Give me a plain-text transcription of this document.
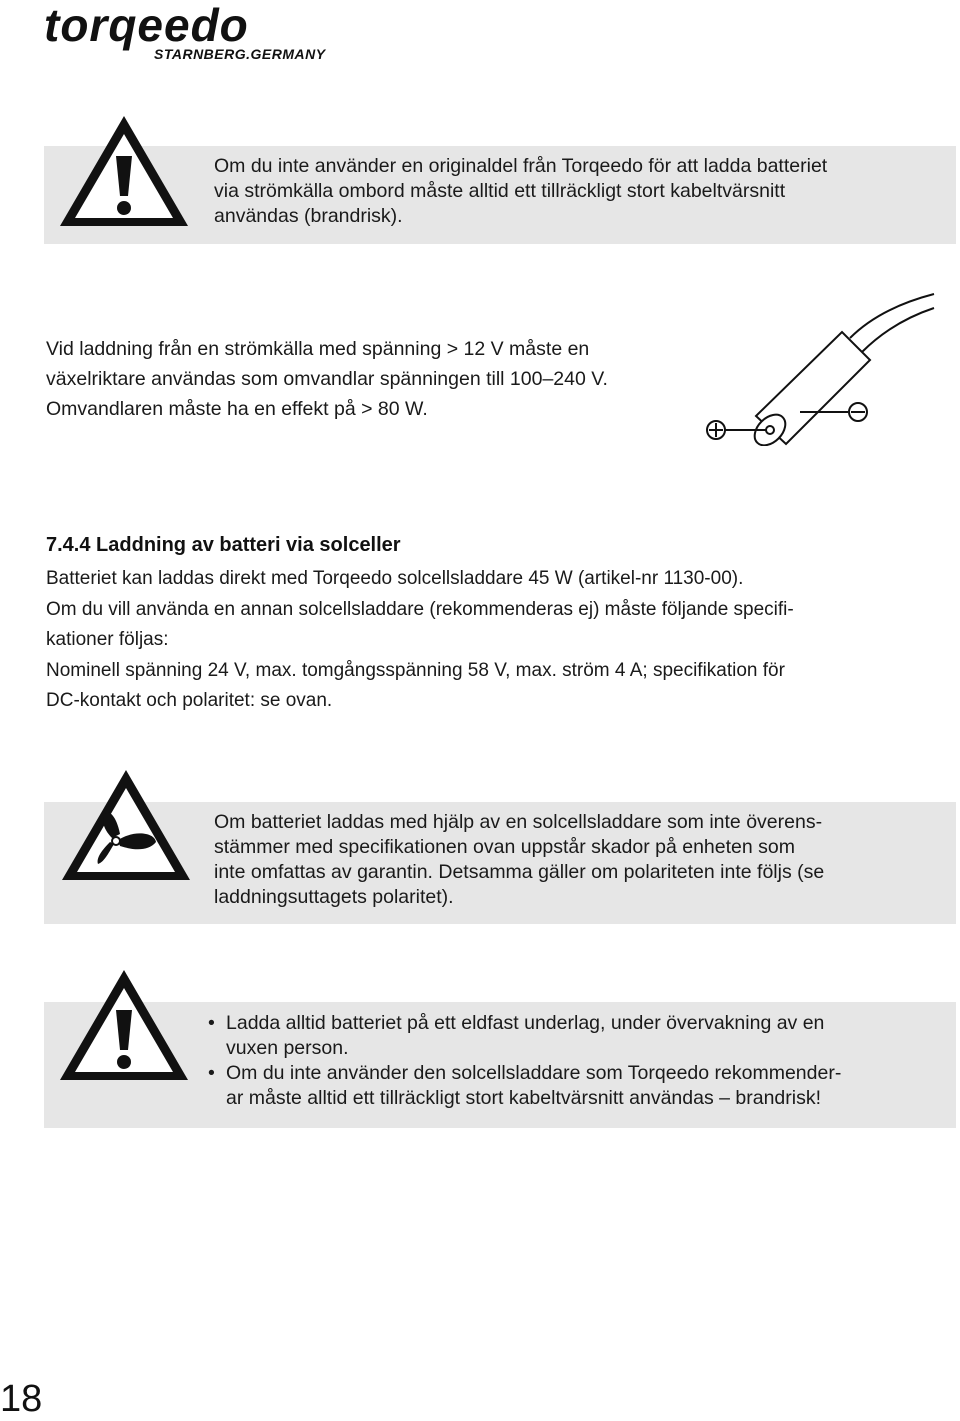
torqeedo
STARNBERG.GERMANY
Om du inte använder en originaldel från Torqeedo för att ladda batteriet
via strömkälla ombord måste alltid ett tillräckligt stort kabeltvärsnitt
användas (brandrisk).

Vid laddning från en strömkälla med spänning > 12 V måste en

växelriktare användas som omvandlar spänningen till 100–240 V.

Omvandlaren måste ha en effekt på > 80 W.

7.4.4 Laddning av batteri via solceller

Batteriet kan laddas direkt med Torqeedo solcellsladdare 45 W (artikel-nr 1130-00).

Om du vill använda en annan solcellsladdare (rekommenderas ej) måste följande specifi-

kationer följas:

Nominell spänning 24 V, max. tomgångsspänning 58 V, max. ström 4 A; specifikation för

DC-kontakt och polaritet: se ovan.

Om batteriet laddas med hjälp av en solcellsladdare som inte överens-
stämmer med specifikationen ovan uppstår skador på enheten som
inte omfattas av garantin. Detsamma gäller om polariteten inte följs (se
laddningsuttagets polaritet).
• Ladda alltid batteriet på ett eldfast underlag, under övervakning av en
vuxen person.
• Om du inte använder den solcellsladdare som Torqeedo rekommender-
ar måste alltid ett tillräckligt stort kabeltvärsnitt användas – brandrisk!
18
